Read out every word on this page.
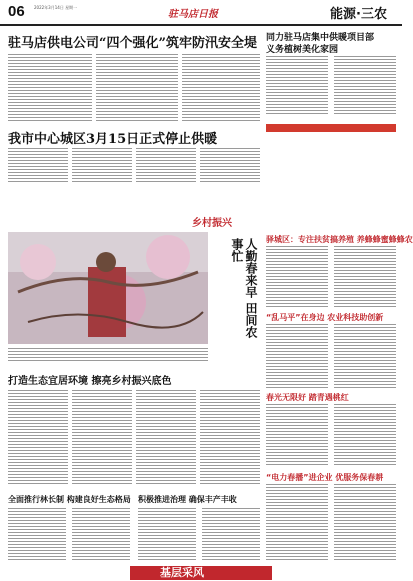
06 2022年3月14日 星期一
驻马店日报	能源·三农
驻马店供电公司“四个强化”筑牢防汛安全堤	同力驻马店集中供暖项目部
义务植树美化家园
我市中心城区3月15日正式停止供暖
乡村振兴
人勤春来早 田间农事忙
打造生态宜居环境 擦亮乡村振兴底色
全面推行林长制 构建良好生态格局 积极推进治理 确保丰产丰收
驿城区：专注扶贫搞养殖 养蜂蜂蜜蜂蜂农
“乱马平”在身边 农业科技助创新
春光无限好 踏青遇桃红
“电力春播”进企业 优服务保春耕
基层采风
